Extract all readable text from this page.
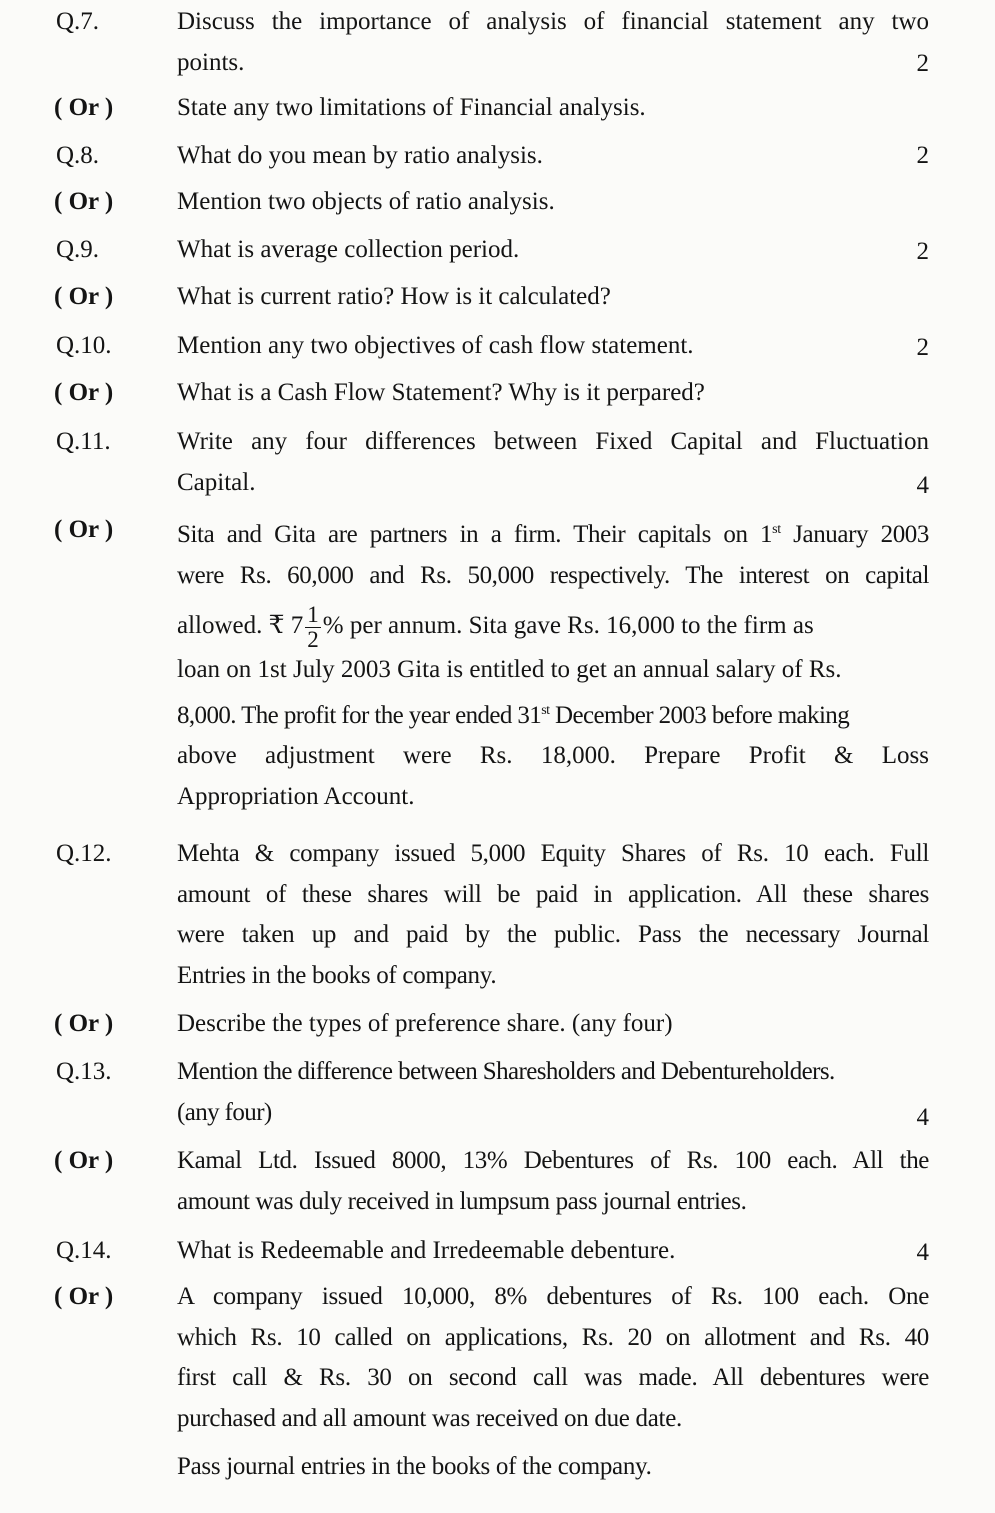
Q.7.	Discuss the importance of analysis of financial statement any two
points.	2
( Or )	State any two limitations of Financial analysis.
Q.8.	What do you mean by ratio analysis.	2
( Or )	Mention two objects of ratio analysis.
Q.9.	What is average collection period.	2
( Or )	What is current ratio? How is it calculated?
Q.10.	Mention any two objectives of cash flow statement.	2
( Or )	What is a Cash Flow Statement? Why is it perpared?
Q.11.	Write any four differences between Fixed Capital and Fluctuation
Capital.	4
( Or )	Sita and Gita are partners in a firm. Their capitals on 1st January 2003
were Rs. 60,000 and Rs. 50,000 respectively. The interest on capital
allowed. ₹ $7 \frac{1}{2}$ % per annum. Sita gave Rs. 16,000 to the firm as
loan on 1st July 2003 Gita is entitled to get an annual salary of Rs.
8,000. The profit for the year ended 31st December 2003 before making
above adjustment were Rs. 18,000. Prepare Profit & Loss
Appropriation Account.
Q.12.	Mehta & company issued 5,000 Equity Shares of Rs. 10 each. Full
amount of these shares will be paid in application. All these shares
were taken up and paid by the public. Pass the necessary Journal
Entries in the books of company.
( Or )	Describe the types of preference share. (any four)
Q.13.	Mention the difference between Sharesholders and Debentureholders.
(any four)	4
( Or )	Kamal Ltd. Issued 8000, 13% Debentures of Rs. 100 each. All the
amount was duly received in lumpsum pass journal entries.
Q.14.	What is Redeemable and Irredeemable debenture.	4
( Or )	A company issued 10,000, 8% debentures of Rs. 100 each. One
which Rs. 10 called on applications, Rs. 20 on allotment and Rs. 40
first call & Rs. 30 on second call was made. All debentures were
purchased and all amount was received on due date.
Pass journal entries in the books of the company.
